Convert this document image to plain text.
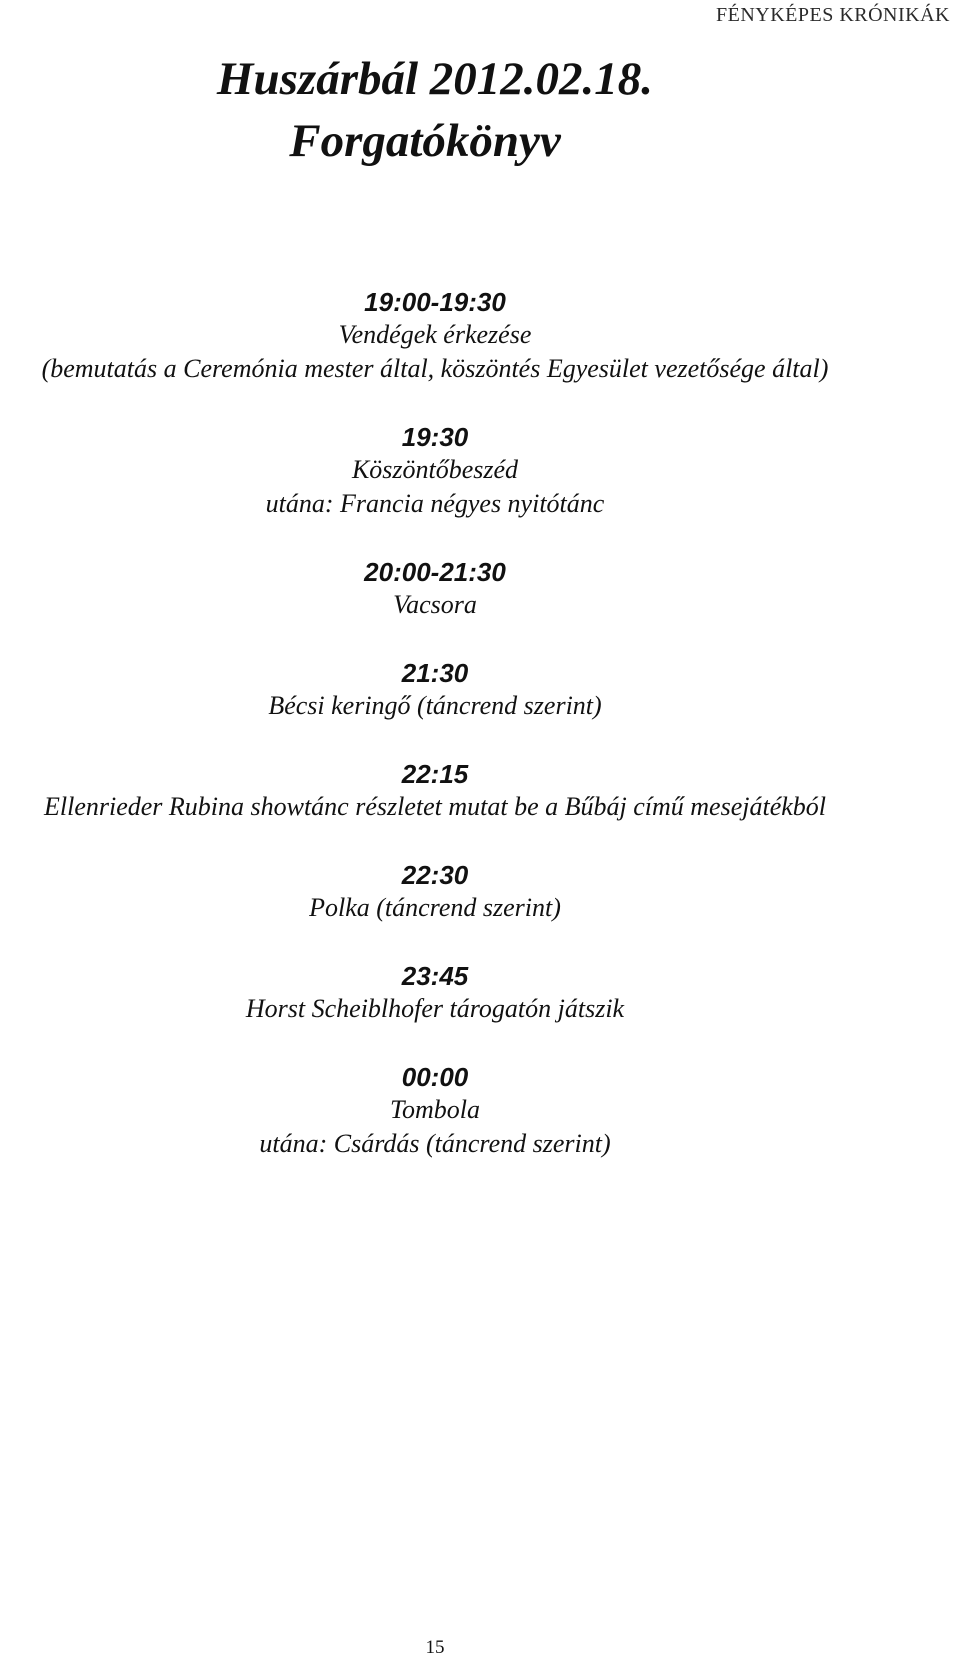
FÉNYKÉPES KRÓNIKÁK
Huszárbál 2012.02.18.
Forgatókönyv
19:00-19:30
Vendégek érkezése
(bemutatás a Ceremónia mester által, köszöntés Egyesület vezetősége által)
19:30
Köszöntőbeszéd
utána: Francia négyes nyitótánc
20:00-21:30
Vacsora
21:30
Bécsi keringő (táncrend szerint)
22:15
Ellenrieder Rubina showtánc részletet mutat be a Bűbáj című mesejátékból
22:30
Polka (táncrend szerint)
23:45
Horst Scheiblhofer tárogatón játszik
00:00
Tombola
utána: Csárdás (táncrend szerint)
15
